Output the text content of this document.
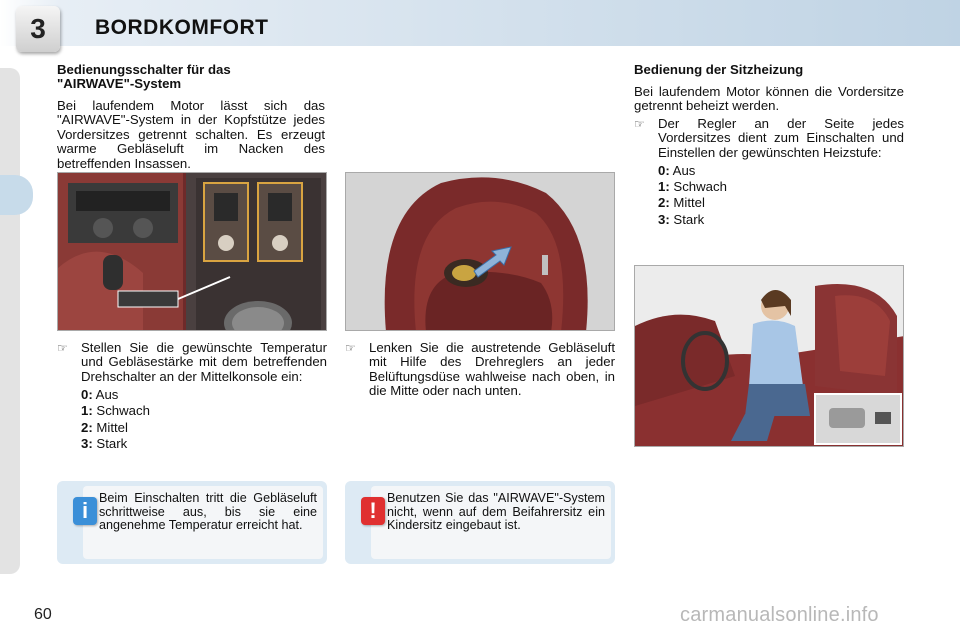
3	BORDKOMFORT
Bedienungsschalter für das "AIRWAVE"-System
Bei laufendem Motor lässt sich das "AIRWAVE"-System in der Kopfstütze jedes Vordersitzes getrennt schalten. Es erzeugt warme Gebläseluft im Nacken des betreffenden Insassen.
☞	Stellen Sie die gewünschte Temperatur und Gebläsestärke mit dem betreffenden Drehschalter an der Mittelkonsole ein:
0: Aus
1: Schwach
2: Mittel
3: Stark
☞	Lenken Sie die austretende Gebläseluft mit Hilfe des Drehreglers an jeder Belüftungsdüse wahlweise nach oben, in die Mitte oder nach unten.
Bedienung der Sitzheizung
Bei laufendem Motor können die Vordersitze getrennt beheizt werden.
☞	Der Regler an der Seite jedes Vordersitzes dient zum Einschalten und Einstellen der gewünschten Heizstufe:
0: Aus
1: Schwach
2: Mittel
3: Stark
i
Beim Einschalten tritt die Gebläseluft schrittweise aus, bis sie eine angenehme Temperatur erreicht hat.
!
Benutzen Sie das "AIRWAVE"-System nicht, wenn auf dem Beifahrersitz ein Kindersitz eingebaut ist.
60	carmanualsonline.info
